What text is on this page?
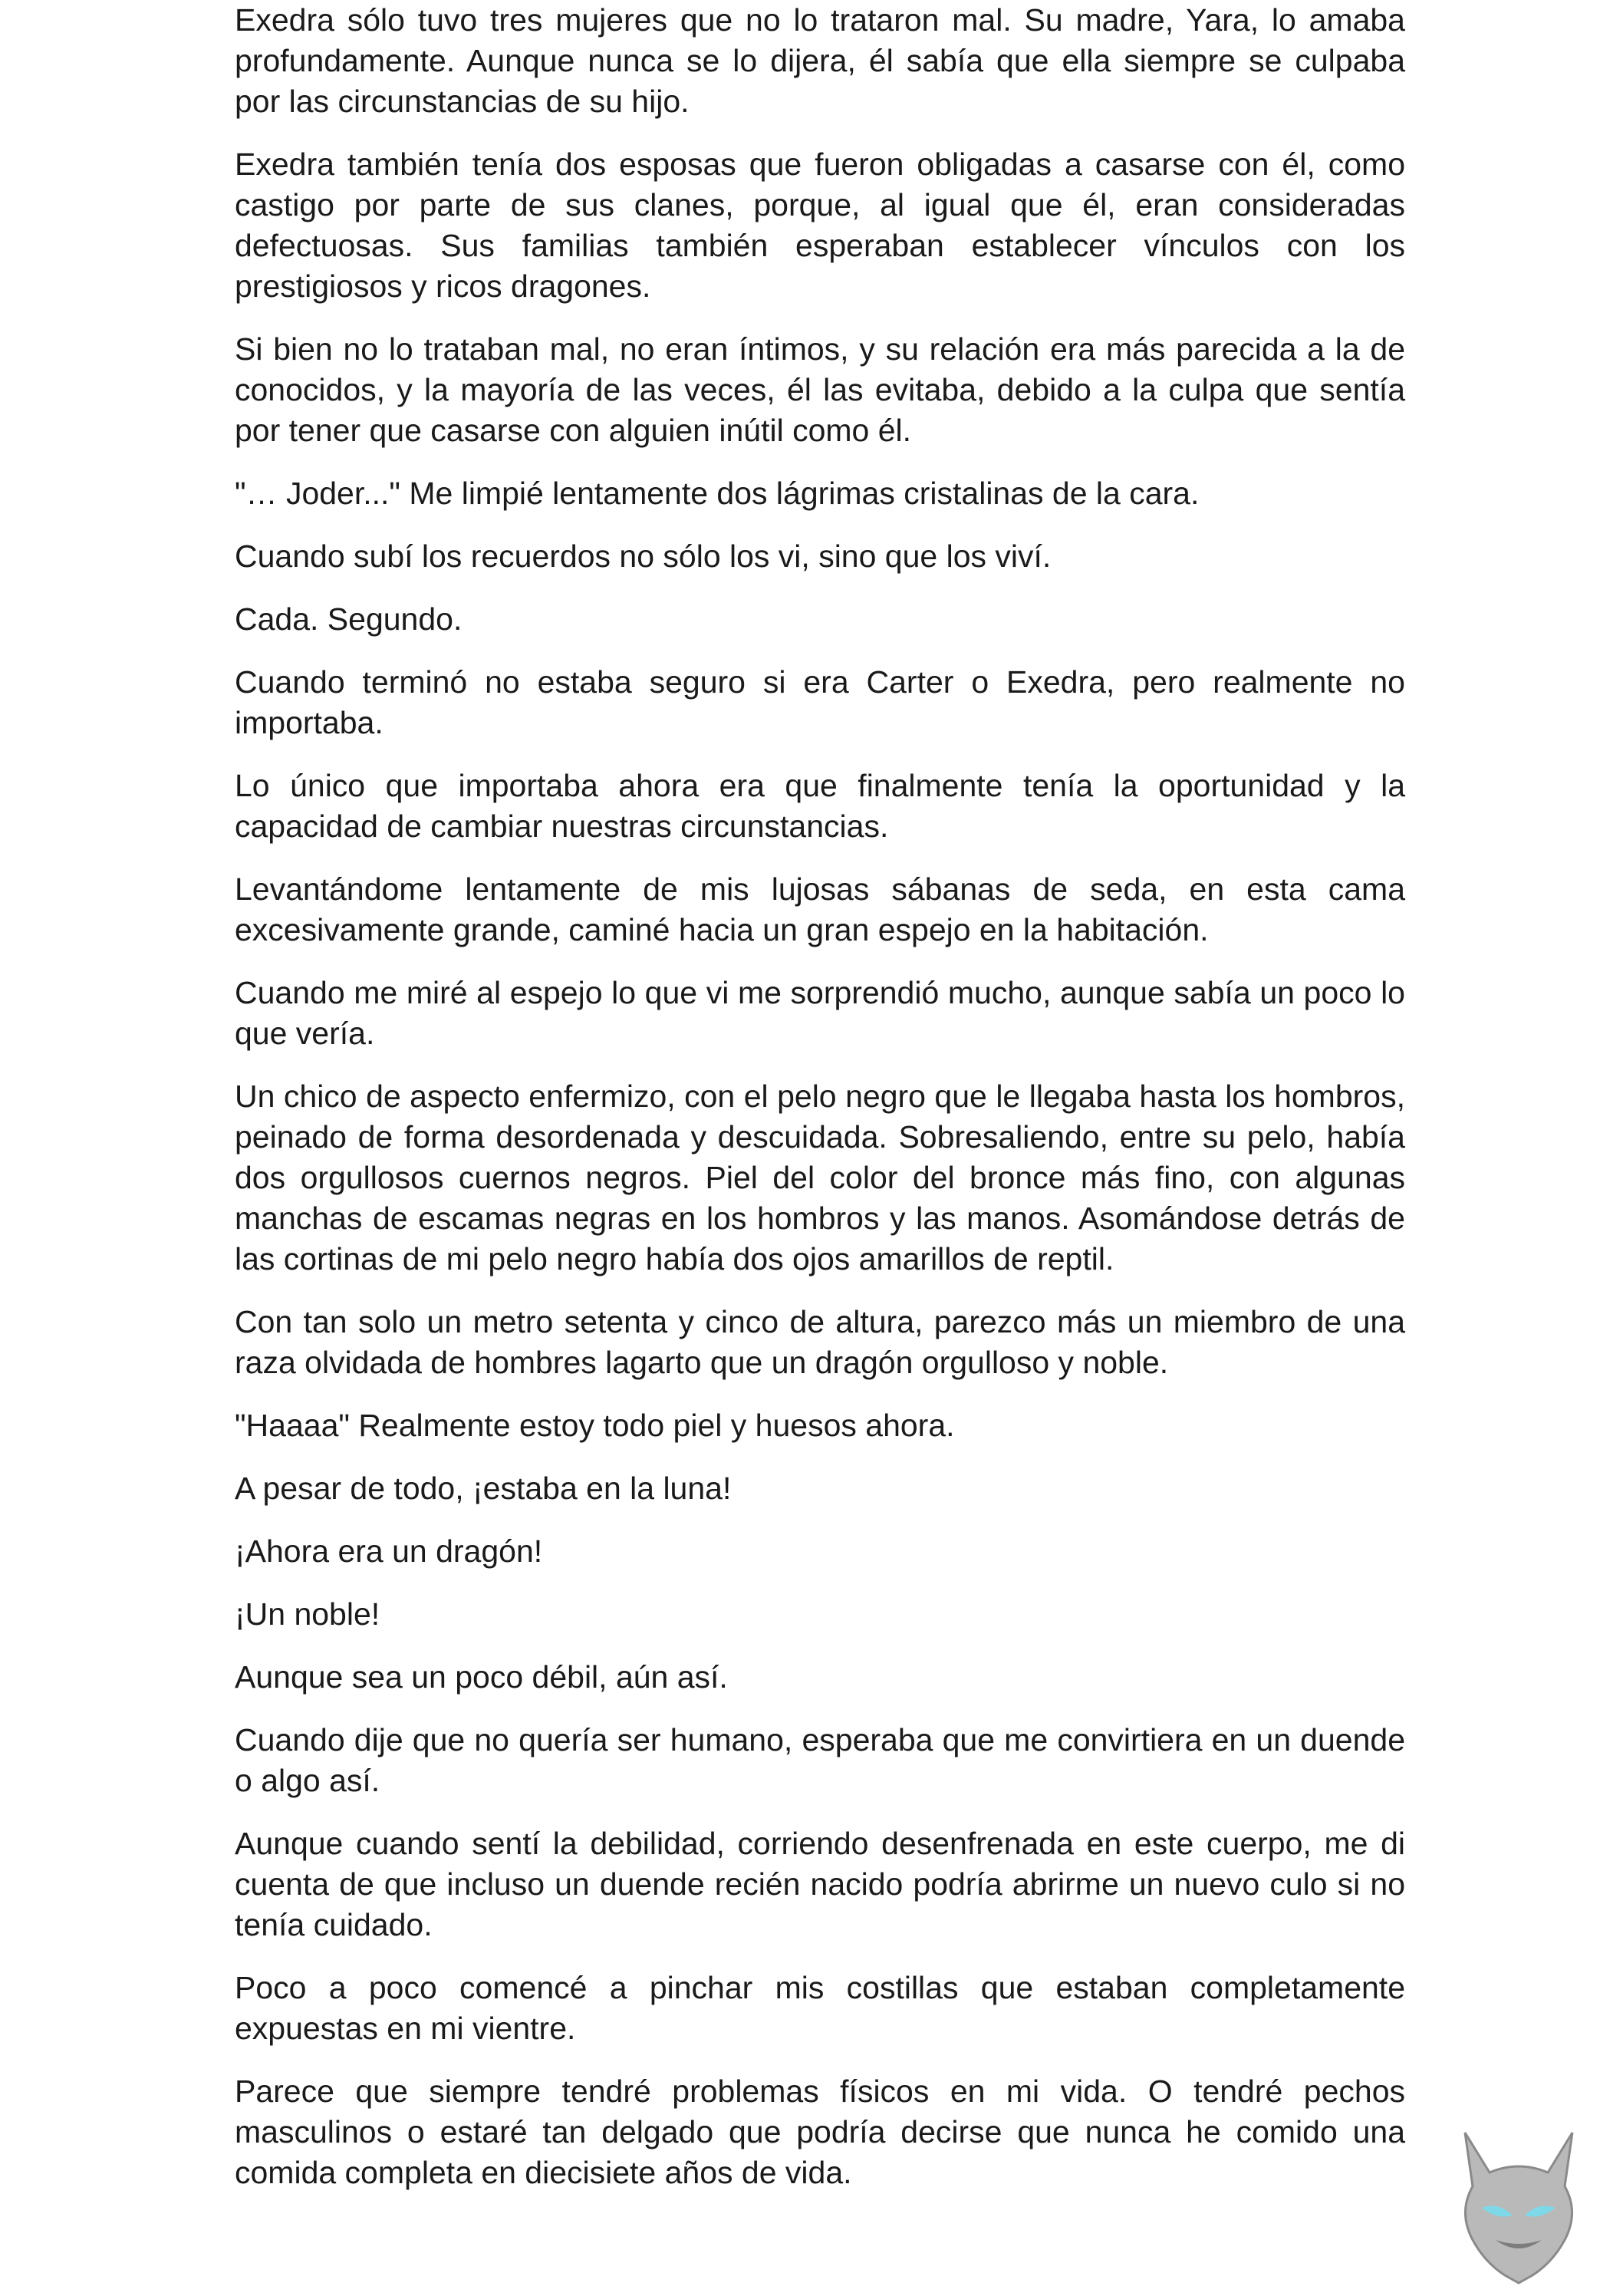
Exedra sólo tuvo tres mujeres que no lo trataron mal. Su madre, Yara, lo amaba profundamente. Aunque nunca se lo dijera, él sabía que ella siempre se culpaba por las circunstancias de su hijo.

Exedra también tenía dos esposas que fueron obligadas a casarse con él, como castigo por parte de sus clanes, porque, al igual que él, eran consideradas defectuosas. Sus familias también esperaban establecer vínculos con los prestigiosos y ricos dragones.

Si bien no lo trataban mal, no eran íntimos, y su relación era más parecida a la de conocidos, y la mayoría de las veces, él las evitaba, debido a la culpa que sentía por tener que casarse con alguien inútil como él.

"… Joder..." Me limpié lentamente dos lágrimas cristalinas de la cara.

Cuando subí los recuerdos no sólo los vi, sino que los viví.

Cada. Segundo.

Cuando terminó no estaba seguro si era Carter o Exedra, pero realmente no importaba.

Lo único que importaba ahora era que finalmente tenía la oportunidad y la capacidad de cambiar nuestras circunstancias.

Levantándome lentamente de mis lujosas sábanas de seda, en esta cama excesivamente grande, caminé hacia un gran espejo en la habitación.

Cuando me miré al espejo lo que vi me sorprendió mucho, aunque sabía un poco lo que vería.

Un chico de aspecto enfermizo, con el pelo negro que le llegaba hasta los hombros, peinado de forma desordenada y descuidada. Sobresaliendo, entre su pelo, había dos orgullosos cuernos negros. Piel del color del bronce más fino, con algunas manchas de escamas negras en los hombros y las manos. Asomándose detrás de las cortinas de mi pelo negro había dos ojos amarillos de reptil.

Con tan solo un metro setenta y cinco de altura, parezco más un miembro de una raza olvidada de hombres lagarto que un dragón orgulloso y noble.

"Haaaa" Realmente estoy todo piel y huesos ahora.

A pesar de todo, ¡estaba en la luna!

¡Ahora era un dragón!

¡Un noble!

Aunque sea un poco débil, aún así.

Cuando dije que no quería ser humano, esperaba que me convirtiera en un duende o algo así.

Aunque cuando sentí la debilidad, corriendo desenfrenada en este cuerpo, me di cuenta de que incluso un duende recién nacido podría abrirme un nuevo culo si no tenía cuidado.

Poco a poco comencé a pinchar mis costillas que estaban completamente expuestas en mi vientre.

Parece que siempre tendré problemas físicos en mi vida. O tendré pechos masculinos o estaré tan delgado que podría decirse que nunca he comido una comida completa en diecisiete años de vida.
